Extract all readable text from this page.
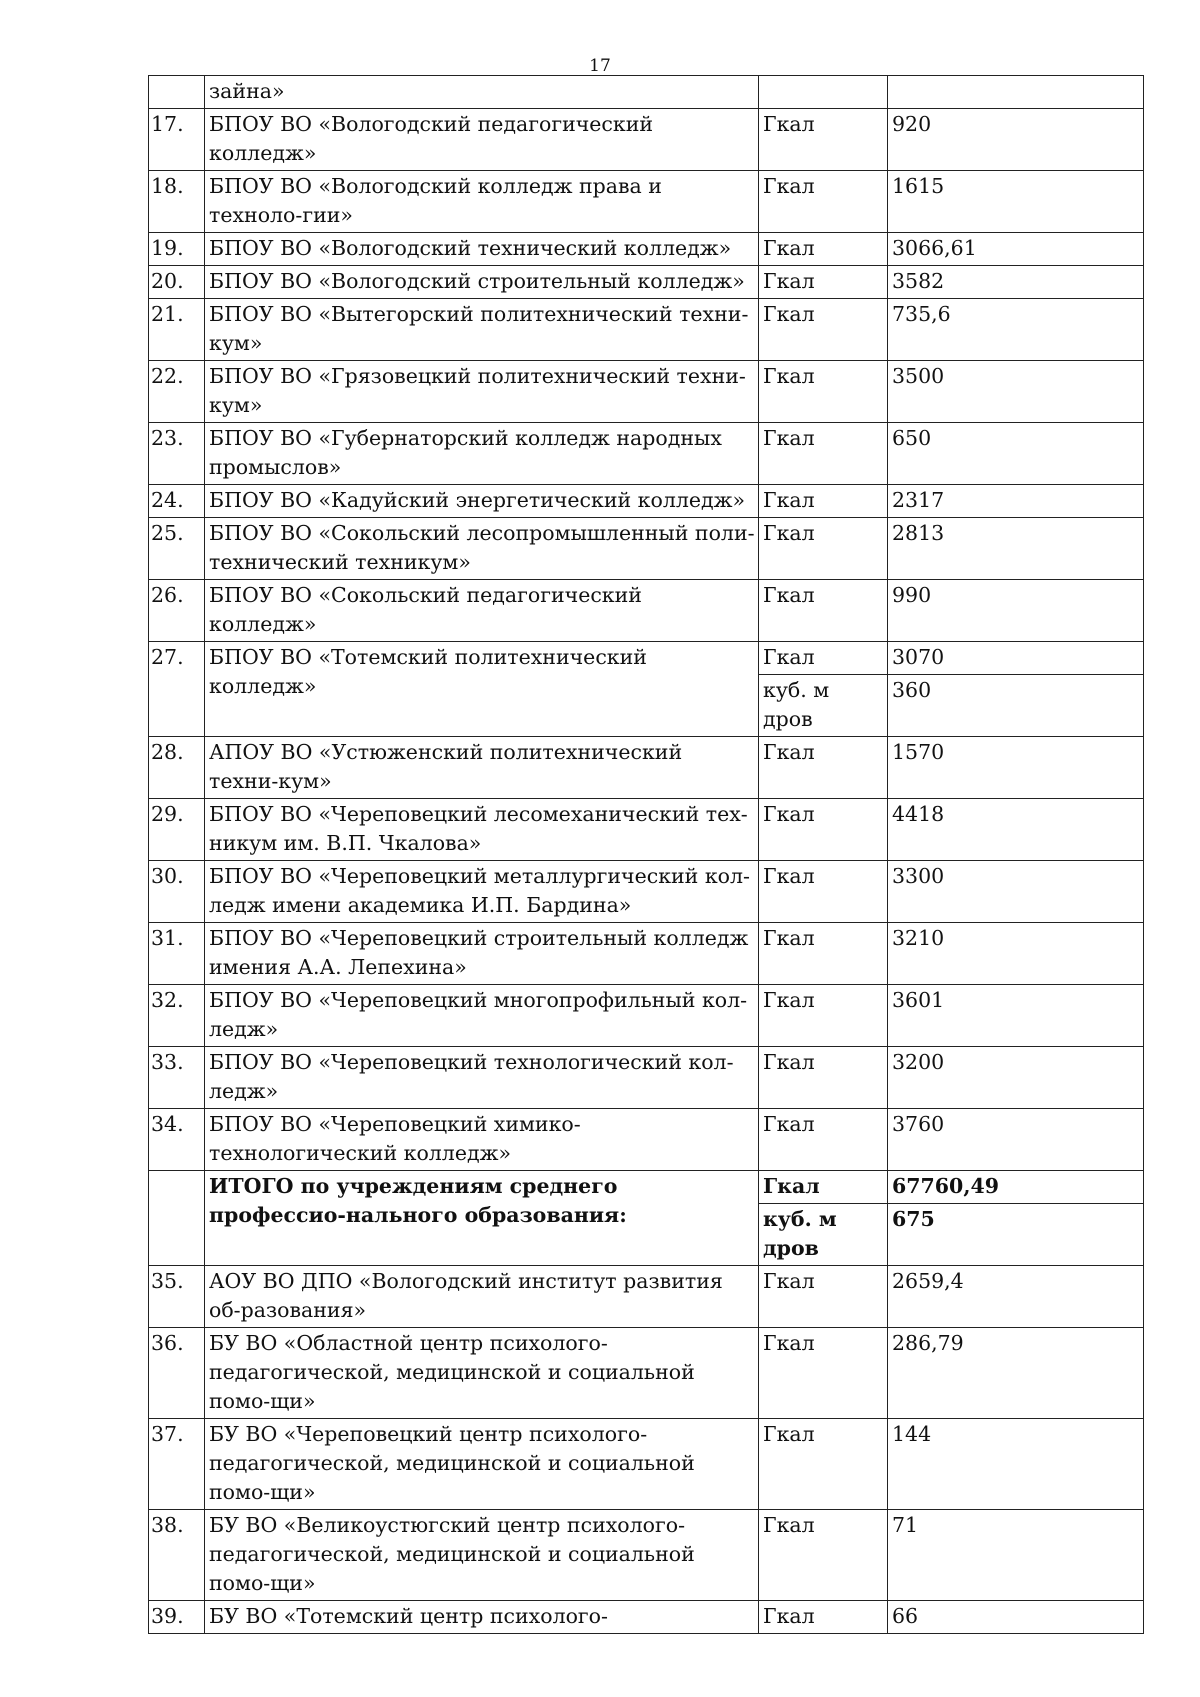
17
	зайна»		
17.	БПОУ ВО «Вологодский педагогический колледж»	Гкал	920
18.	БПОУ ВО «Вологодский колледж права и техноло-гии»	Гкал	1615
19.	БПОУ ВО «Вологодский технический колледж»	Гкал	3066,61
20.	БПОУ ВО «Вологодский строительный колледж»	Гкал	3582
21.	БПОУ ВО «Вытегорский политехнический техни-кум»	Гкал	735,6
22.	БПОУ ВО «Грязовецкий политехнический техни-кум»	Гкал	3500
23.	БПОУ ВО «Губернаторский колледж народных промыслов»	Гкал	650
24.	БПОУ ВО «Кадуйский энергетический колледж»	Гкал	2317
25.	БПОУ ВО «Сокольский лесопромышленный поли-технический техникум»	Гкал	2813
26.	БПОУ ВО «Сокольский педагогический колледж»	Гкал	990
27.	БПОУ ВО «Тотемский политехнический колледж»	Гкал	3070
		куб. м дров	360
28.	АПОУ ВО «Устюженский политехнический техни-кум»	Гкал	1570
29.	БПОУ ВО «Череповецкий лесомеханический тех-никум им. В.П. Чкалова»	Гкал	4418
30.	БПОУ ВО «Череповецкий металлургический кол-ледж имени академика И.П. Бардина»	Гкал	3300
31.	БПОУ ВО «Череповецкий строительный колледж имения А.А. Лепехина»	Гкал	3210
32.	БПОУ ВО «Череповецкий многопрофильный кол-ледж»	Гкал	3601
33.	БПОУ ВО «Череповецкий технологический кол-ледж»	Гкал	3200
34.	БПОУ ВО «Череповецкий химико-технологический колледж»	Гкал	3760
	ИТОГО по учреждениям среднего профессио-нального образования:	Гкал	67760,49
		куб. м дров	675
35.	АОУ ВО ДПО «Вологодский институт развития об-разования»	Гкал	2659,4
36.	БУ ВО «Областной центр психолого-педагогической, медицинской и социальной помо-щи»	Гкал	286,79
37.	БУ ВО «Череповецкий центр психолого-педагогической, медицинской и социальной помо-щи»	Гкал	144
38.	БУ ВО «Великоустюгский центр психолого-педагогической, медицинской и социальной помо-щи»	Гкал	71
39.	БУ ВО «Тотемский центр психолого-	Гкал	66
